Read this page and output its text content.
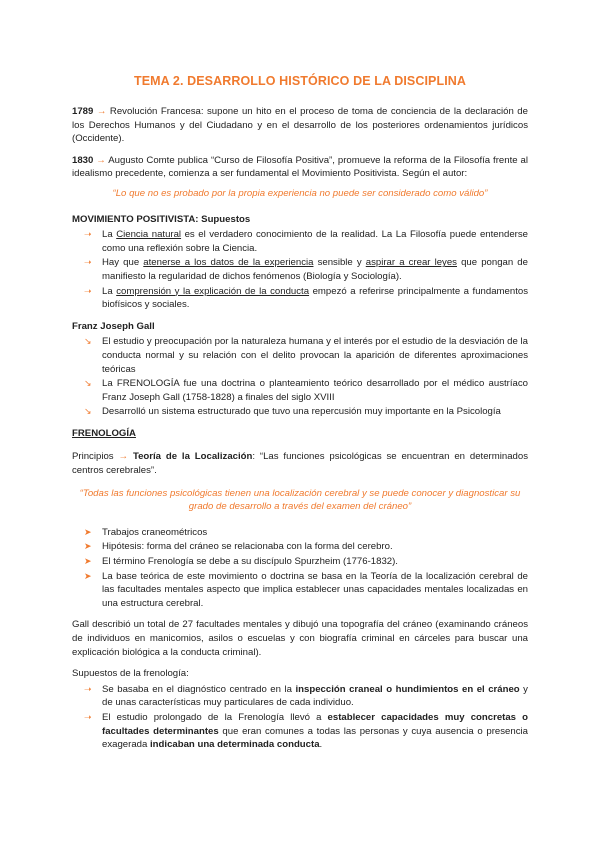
TEMA 2. DESARROLLO HISTÓRICO DE LA DISCIPLINA

1789 → Revolución Francesa: supone un hito en el proceso de toma de conciencia de la declaración de los Derechos Humanos y del Ciudadano y en el desarrollo de los posteriores ordenamientos jurídicos (Occidente).

1830 → Augusto Comte publica “Curso de Filosofía Positiva”, promueve la reforma de la Filosofía frente al idealismo precedente, comienza a ser fundamental el Movimiento Positivista. Según el autor:

“Lo que no es probado por la propia experiencia no puede ser considerado como válido”
MOVIMIENTO POSITIVISTA: Supuestos
➝ La Ciencia natural es el verdadero conocimiento de la realidad. La La Filosofía puede entenderse como una reflexión sobre la Ciencia.
➝ Hay que atenerse a los datos de la experiencia sensible y aspirar a crear leyes que pongan de manifiesto la regularidad de dichos fenómenos (Biología y Sociología).
➝ La comprensión y la explicación de la conducta empezó a referirse principalmente a fundamentos biofísicos y sociales.
Franz Joseph Gall
↘ El estudio y preocupación por la naturaleza humana y el interés por el estudio de la desviación de la conducta normal y su relación con el delito provocan la aparición de diferentes aproximaciones teóricas
↘ La FRENOLOGÍA fue una doctrina o planteamiento teórico desarrollado por el médico austríaco Franz Joseph Gall (1758-1828) a finales del siglo XVIII
↘ Desarrolló un sistema estructurado que tuvo una repercusión muy importante en la Psicología
FRENOLOGÍA

Principios → Teoría de la Localización: “Las funciones psicológicas se encuentran en determinados centros cerebrales”.

“Todas las funciones psicológicas tienen una localización cerebral y se puede conocer y diagnosticar su grado de desarrollo a través del examen del cráneo”
➤ Trabajos craneométricos
➤ Hipótesis: forma del cráneo se relacionaba con la forma del cerebro.
➤ El término Frenología se debe a su discípulo Spurzheim (1776-1832).
➤ La base teórica de este movimiento o doctrina se basa en la Teoría de la localización cerebral de las facultades mentales aspecto que implica establecer unas capacidades mentales localizadas en una estructura cerebral.

Gall describió un total de 27 facultades mentales y dibujó una topografía del cráneo (examinando cráneos de individuos en manicomios, asilos o escuelas y con biografía criminal en cárceles para buscar una explicación biológica a la conducta criminal).

Supuestos de la frenología:

➝ Se basaba en el diagnóstico centrado en la inspección craneal o hundimientos en el cráneo y de unas características muy particulares de cada individuo.
➝ El estudio prolongado de la Frenología llevó a establecer capacidades muy concretas o facultades determinantes que eran comunes a todas las personas y cuya ausencia o presencia exagerada indicaban una determinada conducta.
